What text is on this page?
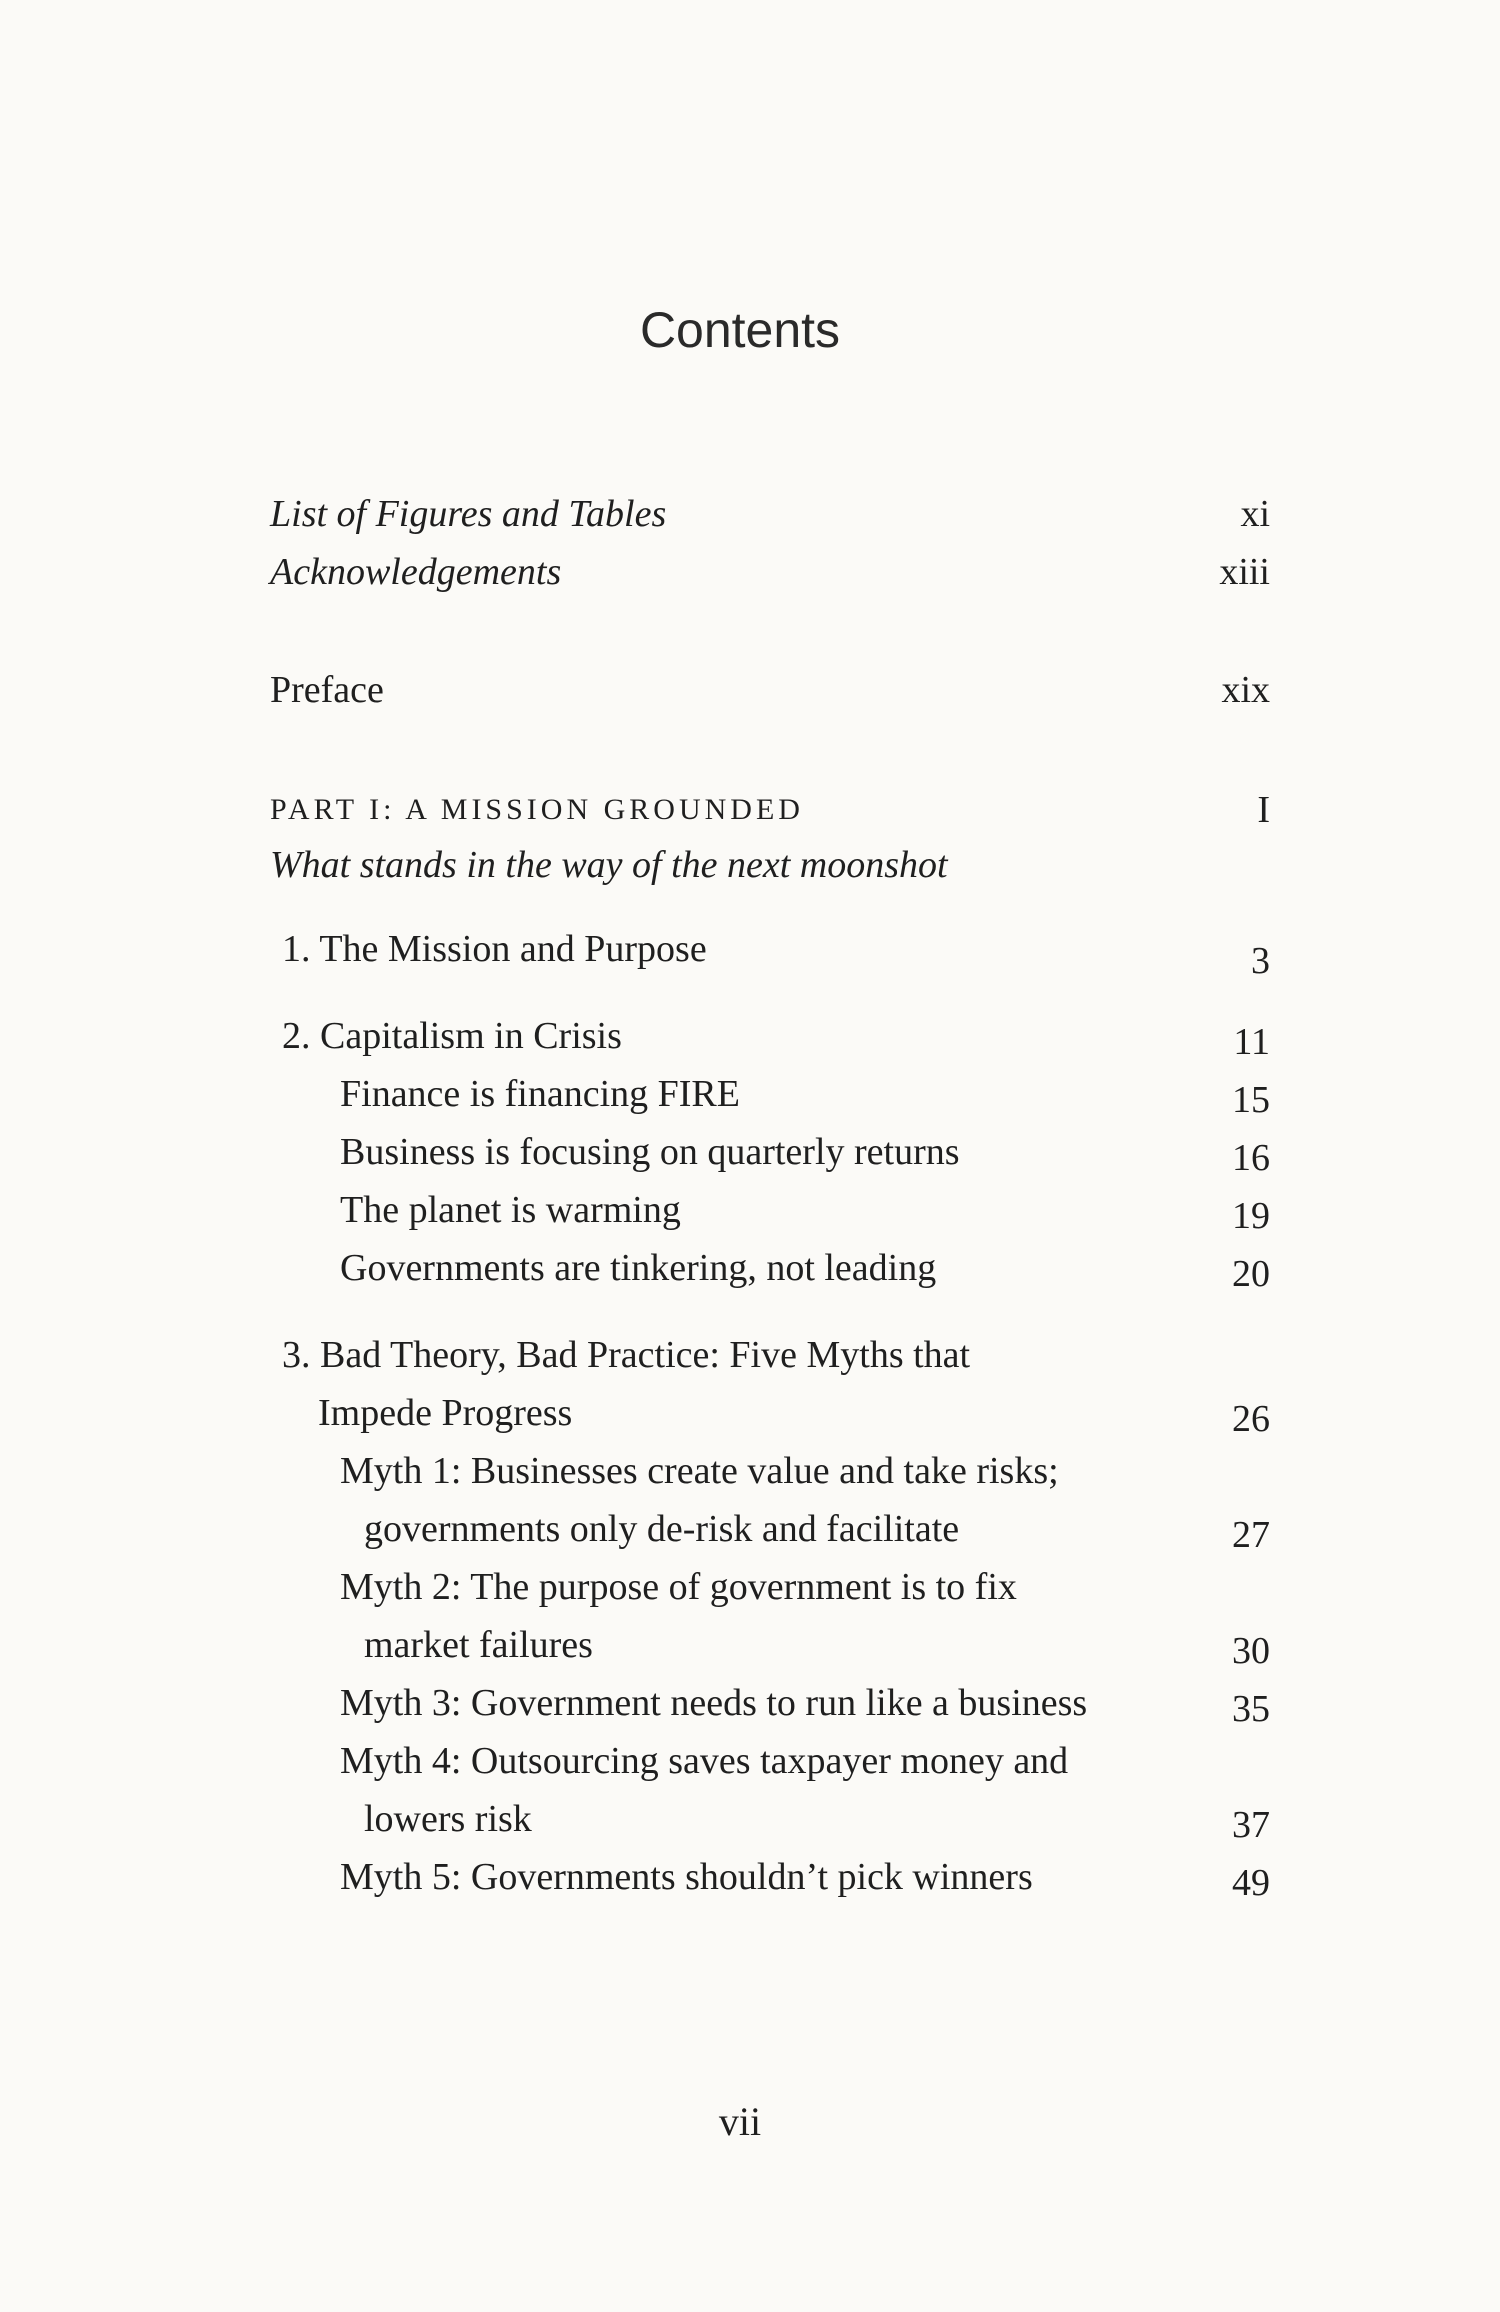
Contents
List of Figures and Tables	xi
Acknowledgements	xiii
Preface	xix
PART I: A MISSION GROUNDED	I
What stands in the way of the next moonshot
1. The Mission and Purpose	3
2. Capitalism in Crisis	11
Finance is financing FIRE	15
Business is focusing on quarterly returns	16
The planet is warming	19
Governments are tinkering, not leading	20
3. Bad Theory, Bad Practice: Five Myths that
Impede Progress	26
Myth 1: Businesses create value and take risks;
governments only de-risk and facilitate	27
Myth 2: The purpose of government is to fix
market failures	30
Myth 3: Government needs to run like a business	35
Myth 4: Outsourcing saves taxpayer money and
lowers risk	37
Myth 5: Governments shouldn’t pick winners	49
vii
